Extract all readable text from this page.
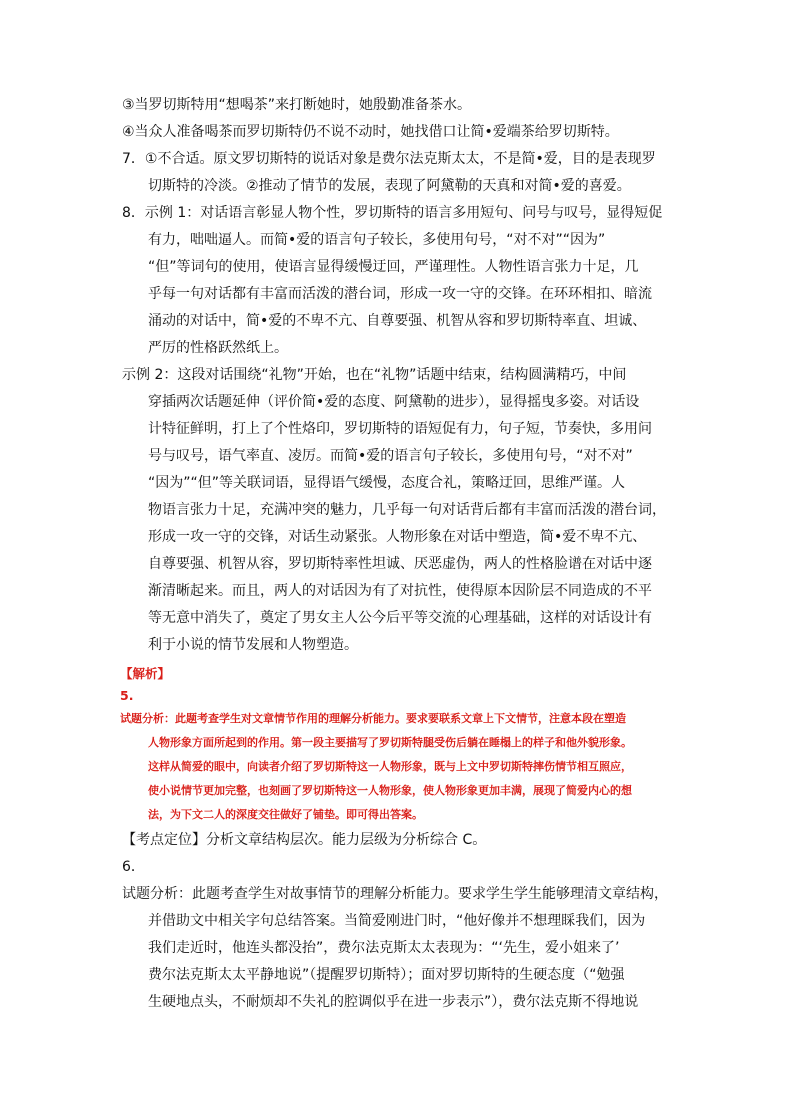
③当罗切斯特用“想喝茶”来打断她时，她殷勤准备茶水。
④当众人准备喝茶而罗切斯特仍不说不动时，她找借口让简•爱端茶给罗切斯特。
7．①不合适。原文罗切斯特的说话对象是费尔法克斯太太，不是简•爱，目的是表现罗
切斯特的冷淡。②推动了情节的发展，表现了阿黛勒的天真和对简•爱的喜爱。
8．示例 1：对话语言彰显人物个性，罗切斯特的语言多用短句、问号与叹号，显得短促
有力，咄咄逼人。而简•爱的语言句子较长，多使用句号，“对不对”“因为”
“但”等词句的使用，使语言显得缓慢迂回，严谨理性。人物性语言张力十足，几
乎每一句对话都有丰富而活泼的潜台词，形成一攻一守的交锋。在环环相扣、暗流
涌动的对话中，简•爱的不卑不亢、自尊要强、机智从容和罗切斯特率直、坦诚、
严厉的性格跃然纸上。
示例 2：这段对话围绕“礼物”开始，也在“礼物”话题中结束，结构圆满精巧，中间
穿插两次话题延伸（评价简•爱的态度、阿黛勒的进步），显得摇曳多姿。对话设
计特征鲜明，打上了个性烙印，罗切斯特的语短促有力，句子短，节奏快，多用问
号与叹号，语气率直、凌厉。而简•爱的语言句子较长，多使用句号，“对不对”
“因为”“但”等关联词语，显得语气缓慢，态度合礼，策略迂回，思维严谨。人
物语言张力十足，充满冲突的魅力，几乎每一句对话背后都有丰富而活泼的潜台词，
形成一攻一守的交锋，对话生动紧张。人物形象在对话中塑造，简•爱不卑不亢、
自尊要强、机智从容，罗切斯特率性坦诚、厌恶虚伪，两人的性格脸谱在对话中逐
渐清晰起来。而且，两人的对话因为有了对抗性，使得原本因阶层不同造成的不平
等无意中消失了，奠定了男女主人公今后平等交流的心理基础，这样的对话设计有
利于小说的情节发展和人物塑造。
【解析】
5.
试题分析：此题考查学生对文章情节作用的理解分析能力。要求要联系文章上下文情节，注意本段在塑造
人物形象方面所起到的作用。第一段主要描写了罗切斯特腿受伤后躺在睡榻上的样子和他外貌形象。
这样从简爱的眼中，向读者介绍了罗切斯特这一人物形象，既与上文中罗切斯特摔伤情节相互照应，
使小说情节更加完整，也刻画了罗切斯特这一人物形象，使人物形象更加丰满，展现了简爱内心的想
法，为下文二人的深度交往做好了铺垫。即可得出答案。
【考点定位】分析文章结构层次。能力层级为分析综合 C。
6．
试题分析：此题考查学生对故事情节的理解分析能力。要求学生学生能够理清文章结构，
并借助文中相关字句总结答案。当简爱刚进门时，“他好像并不想理睬我们，因为
我们走近时，他连头都没抬”，费尔法克斯太太表现为：“‘先生，爱小姐来了’
费尔法克斯太太平静地说”（提醒罗切斯特）；面对罗切斯特的生硬态度（“勉强
生硬地点头，不耐烦却不失礼的腔调似乎在进一步表示”），费尔法克斯不得地说
